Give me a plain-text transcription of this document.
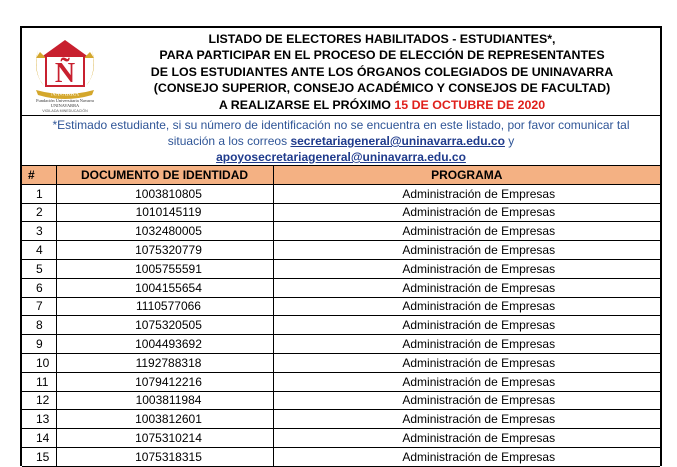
Ñ
NAVARRA
Fundación Universitaria Navarra
UNINAVARRA
VIGILADA MINEDUCACIÓN
LISTADO DE ELECTORES HABILITADOS - ESTUDIANTES*,
PARA PARTICIPAR EN EL PROCESO DE ELECCIÓN DE REPRESENTANTES
DE LOS ESTUDIANTES ANTE LOS ÓRGANOS COLEGIADOS DE UNINAVARRA
(CONSEJO SUPERIOR, CONSEJO ACADÉMICO Y CONSEJOS DE FACULTAD)
A REALIZARSE EL PRÓXIMO 15 DE OCTUBRE DE 2020
*Estimado estudiante, si su número de identificación no se encuentra en este listado, por favor comunicar tal
situación a los correos secretariageneral@uninavarra.edu.co y
apoyosecretariageneral@uninavarra.edu.co
#	DOCUMENTO DE IDENTIDAD	PROGRAMA
1	1003810805	Administración de Empresas
2	1010145119	Administración de Empresas
3	1032480005	Administración de Empresas
4	1075320779	Administración de Empresas
5	1005755591	Administración de Empresas
6	1004155654	Administración de Empresas
7	1110577066	Administración de Empresas
8	1075320505	Administración de Empresas
9	1004493692	Administración de Empresas
10	1192788318	Administración de Empresas
11	1079412216	Administración de Empresas
12	1003811984	Administración de Empresas
13	1003812601	Administración de Empresas
14	1075310214	Administración de Empresas
15	1075318315	Administración de Empresas
